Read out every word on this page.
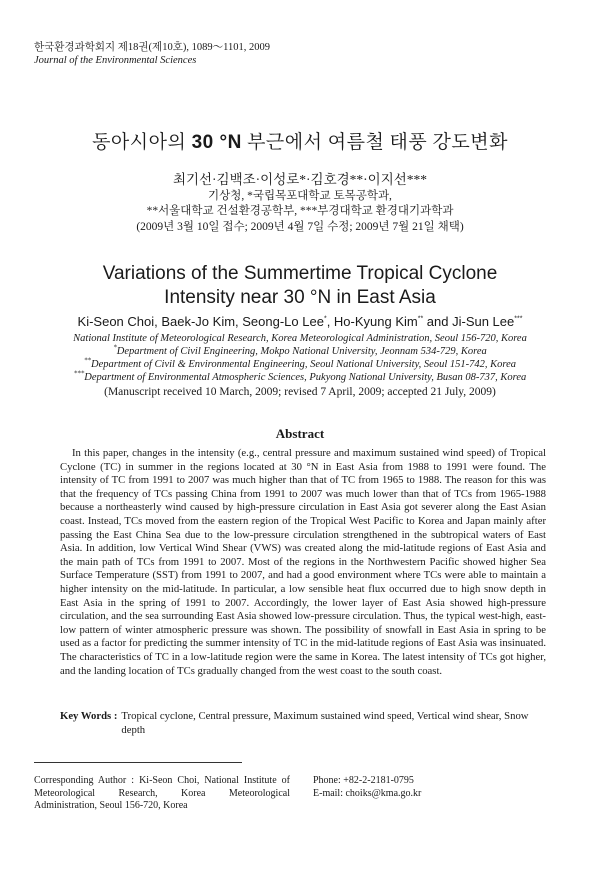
한국환경과학회지 제18권(제10호), 1089～1101, 2009
Journal of the Environmental Sciences
동아시아의 30 °N 부근에서 여름철 태풍 강도변화
최기선·김백조·이성로*·김호경**·이지선***
기상청, *국립목포대학교 토목공학과,
**서울대학교 건설환경공학부, ***부경대학교 환경대기과학과
(2009년 3월 10일 접수; 2009년 4월 7일 수정; 2009년 7월 21일 채택)
Variations of the Summertime Tropical Cyclone
Intensity near 30 °N in East Asia
Ki-Seon Choi, Baek-Jo Kim, Seong-Lo Lee*, Ho-Kyung Kim** and Ji-Sun Lee***
National Institute of Meteorological Research, Korea Meteorological Administration, Seoul 156-720, Korea
*Department of Civil Engineering, Mokpo National University, Jeonnam 534-729, Korea
**Department of Civil & Environmental Engineering, Seoul National University, Seoul 151-742, Korea
***Department of Environmental Atmospheric Sciences, Pukyong National University, Busan 08-737, Korea
(Manuscript received 10 March, 2009; revised 7 April, 2009; accepted 21 July, 2009)
Abstract

In this paper, changes in the intensity (e.g., central pressure and maximum sustained wind speed) of Tropical Cyclone (TC) in summer in the regions located at 30 °N in East Asia from 1988 to 1991 were found. The intensity of TC from 1991 to 2007 was much higher than that of TC from 1965 to 1988. The reason for this was that the frequency of TCs passing China from 1991 to 2007 was much lower than that of TCs from 1965-1988 because a northeasterly wind caused by high-pressure circulation in East Asia got severer along the East Asian coast. Instead, TCs moved from the eastern region of the Tropical West Pacific to Korea and Japan mainly after passing the East China Sea due to the low-pressure circulation strengthened in the subtropical waters of East Asia. In addition, low Vertical Wind Shear (VWS) was created along the mid-latitude regions of East Asia and the main path of TCs from 1991 to 2007. Most of the regions in the Northwestern Pacific showed higher Sea Surface Temperature (SST) from 1991 to 2007, and had a good environment where TCs were able to maintain a higher intensity on the mid-latitude. In particular, a low sensible heat flux occurred due to high snow depth in East Asia in the spring of 1991 to 2007. Accordingly, the lower layer of East Asia showed high-pressure circulation, and the sea surrounding East Asia showed low-pressure circulation. Thus, the typical west-high, east-low pattern of winter atmospheric pressure was shown. The possibility of snowfall in East Asia in spring to be used as a factor for predicting the summer intensity of TC in the mid-latitude regions of East Asia was insinuated. The characteristics of TC in a low-latitude region were the same in Korea. The latest intensity of TCs got higher, and the landing location of TCs gradually changed from the west coast to the south coast.

Key Words : Tropical cyclone, Central pressure, Maximum sustained wind speed, Vertical wind shear, Snow depth
Corresponding Author : Ki-Seon Choi, National Institute of Meteorological Research, Korea Meteorological Administration, Seoul 156-720, Korea
Phone: +82-2-2181-0795
E-mail: choiks@kma.go.kr
